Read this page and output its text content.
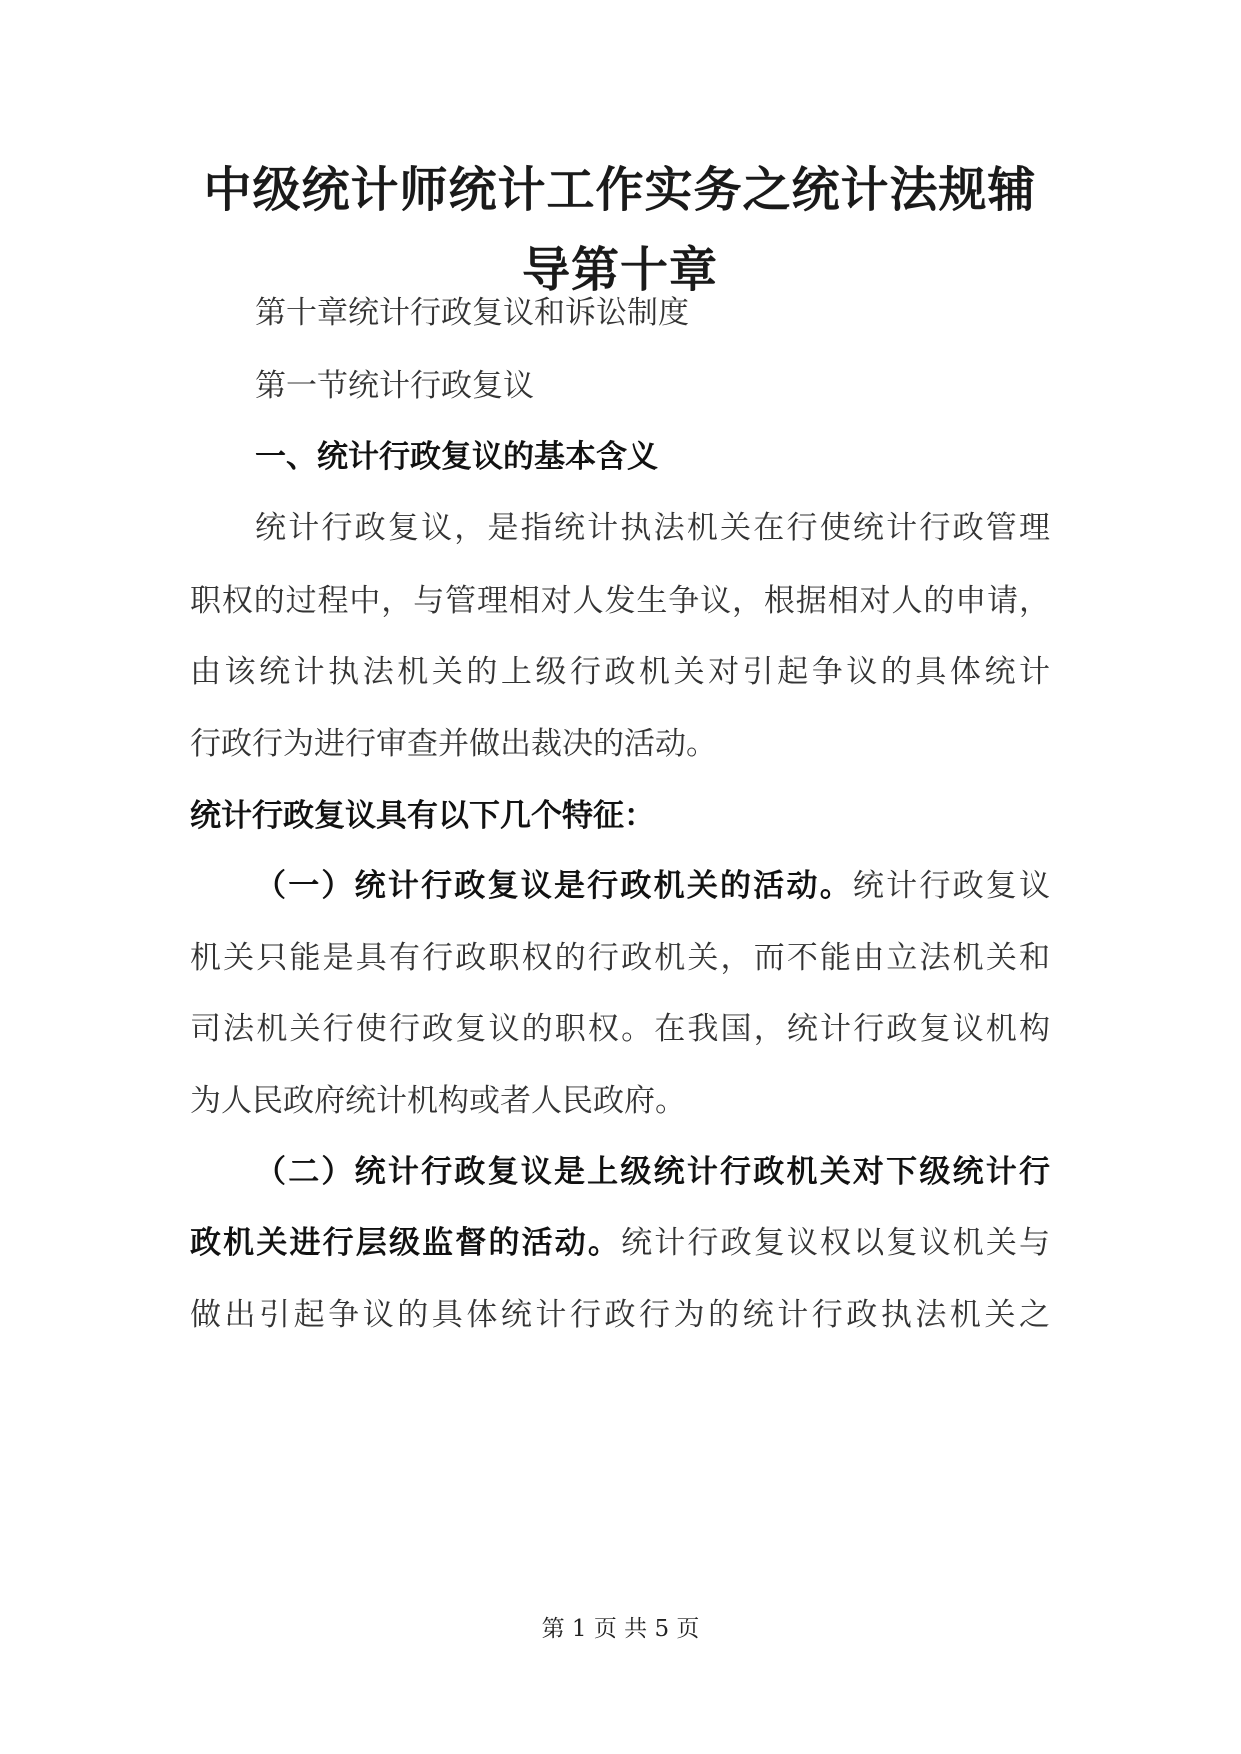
中级统计师统计工作实务之统计法规辅
导第十章

第十章统计行政复议和诉讼制度

第一节统计行政复议

一、统计行政复议的基本含义

统计行政复议，是指统计执法机关在行使统计行政管理

职权的过程中，与管理相对人发生争议，根据相对人的申请，

由该统计执法机关的上级行政机关对引起争议的具体统计

行政行为进行审查并做出裁决的活动。

统计行政复议具有以下几个特征：

（一）统计行政复议是行政机关的活动。统计行政复议

机关只能是具有行政职权的行政机关，而不能由立法机关和

司法机关行使行政复议的职权。在我国，统计行政复议机构

为人民政府统计机构或者人民政府。

（二）统计行政复议是上级统计行政机关对下级统计行

政机关进行层级监督的活动。统计行政复议权以复议机关与

做出引起争议的具体统计行政行为的统计行政执法机关之

第 1 页 共 5 页
